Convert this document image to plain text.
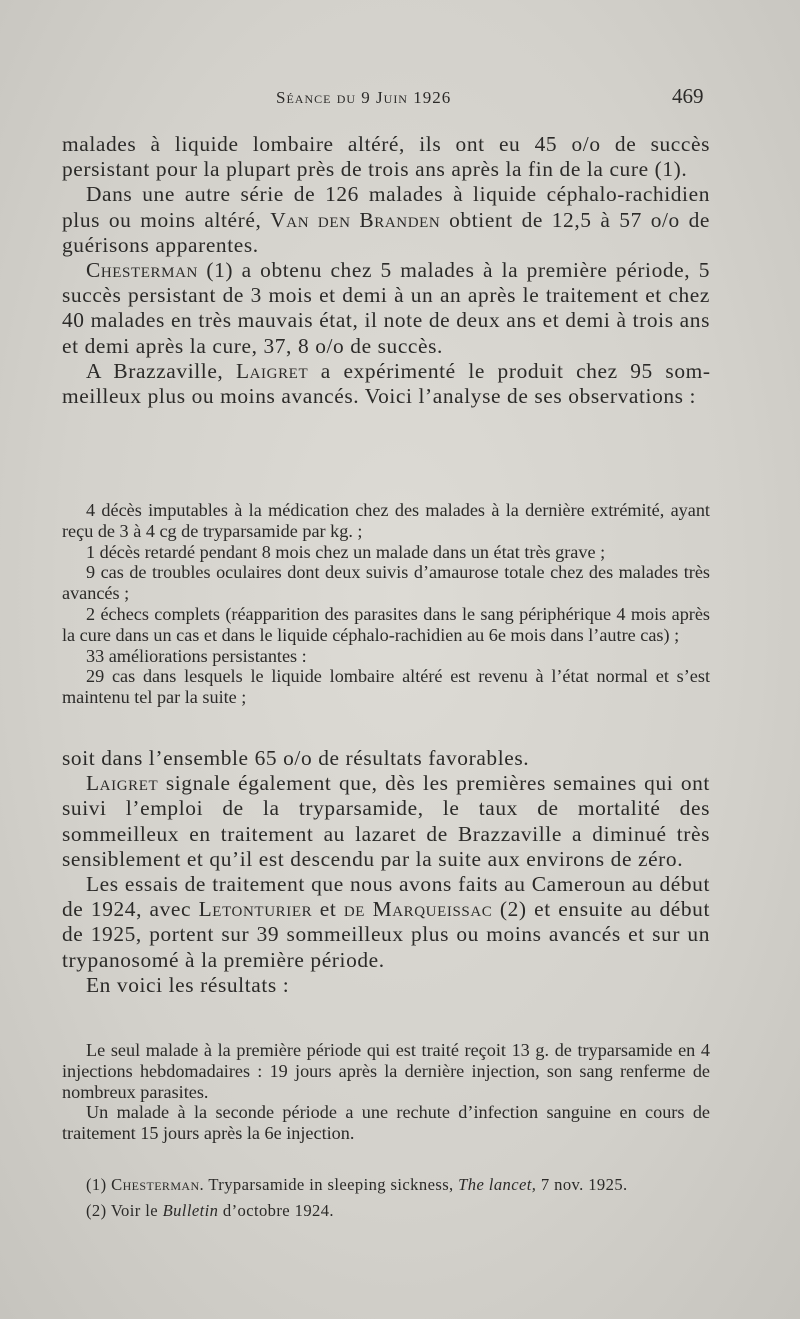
Séance du 9 Juin 1926	469

malades à liquide lombaire altéré, ils ont eu 45 o/o de succès persistant pour la plupart près de trois ans après la fin de la cure (1).

Dans une autre série de 126 malades à liquide céphalo-rachidien plus ou moins altéré, Van den Branden obtient de 12,5 à 57 o/o de guérisons apparentes.

Chesterman (1) a obtenu chez 5 malades à la première période, 5 succès persistant de 3 mois et demi à un an après le traitement et chez 40 malades en très mauvais état, il note de deux ans et demi à trois ans et demi après la cure, 37, 8 o/o de succès.

A Brazzaville, Laigret a expérimenté le produit chez 95 sommeilleux plus ou moins avancés. Voici l’analyse de ses observations :

4 décès imputables à la médication chez des malades à la dernière extrémité, ayant reçu de 3 à 4 cg de tryparsamide par kg. ;

1 décès retardé pendant 8 mois chez un malade dans un état très grave ;

9 cas de troubles oculaires dont deux suivis d’amaurose totale chez des malades très avancés ;

2 échecs complets (réapparition des parasites dans le sang périphérique 4 mois après la cure dans un cas et dans le liquide céphalo-rachidien au 6e mois dans l’autre cas) ;

33 améliorations persistantes :

29 cas dans lesquels le liquide lombaire altéré est revenu à l’état normal et s’est maintenu tel par la suite ;

soit dans l’ensemble 65 o/o de résultats favorables.

Laigret signale également que, dès les premières semaines qui ont suivi l’emploi de la tryparsamide, le taux de mortalité des sommeilleux en traitement au lazaret de Brazzaville a diminué très sensiblement et qu’il est descendu par la suite aux environs de zéro.

Les essais de traitement que nous avons faits au Cameroun au début de 1924, avec Letonturier et de Marqueissac (2) et ensuite au début de 1925, portent sur 39 sommeilleux plus ou moins avancés et sur un trypanosomé à la première période.

En voici les résultats :

Le seul malade à la première période qui est traité reçoit 13 g. de tryparsamide en 4 injections hebdomadaires : 19 jours après la dernière injection, son sang renferme de nombreux parasites.

Un malade à la seconde période a une rechute d’infection sanguine en cours de traitement 15 jours après la 6e injection.

(1) Chesterman. Tryparsamide in sleeping sickness, The lancet, 7 nov. 1925.

(2) Voir le Bulletin d’octobre 1924.
